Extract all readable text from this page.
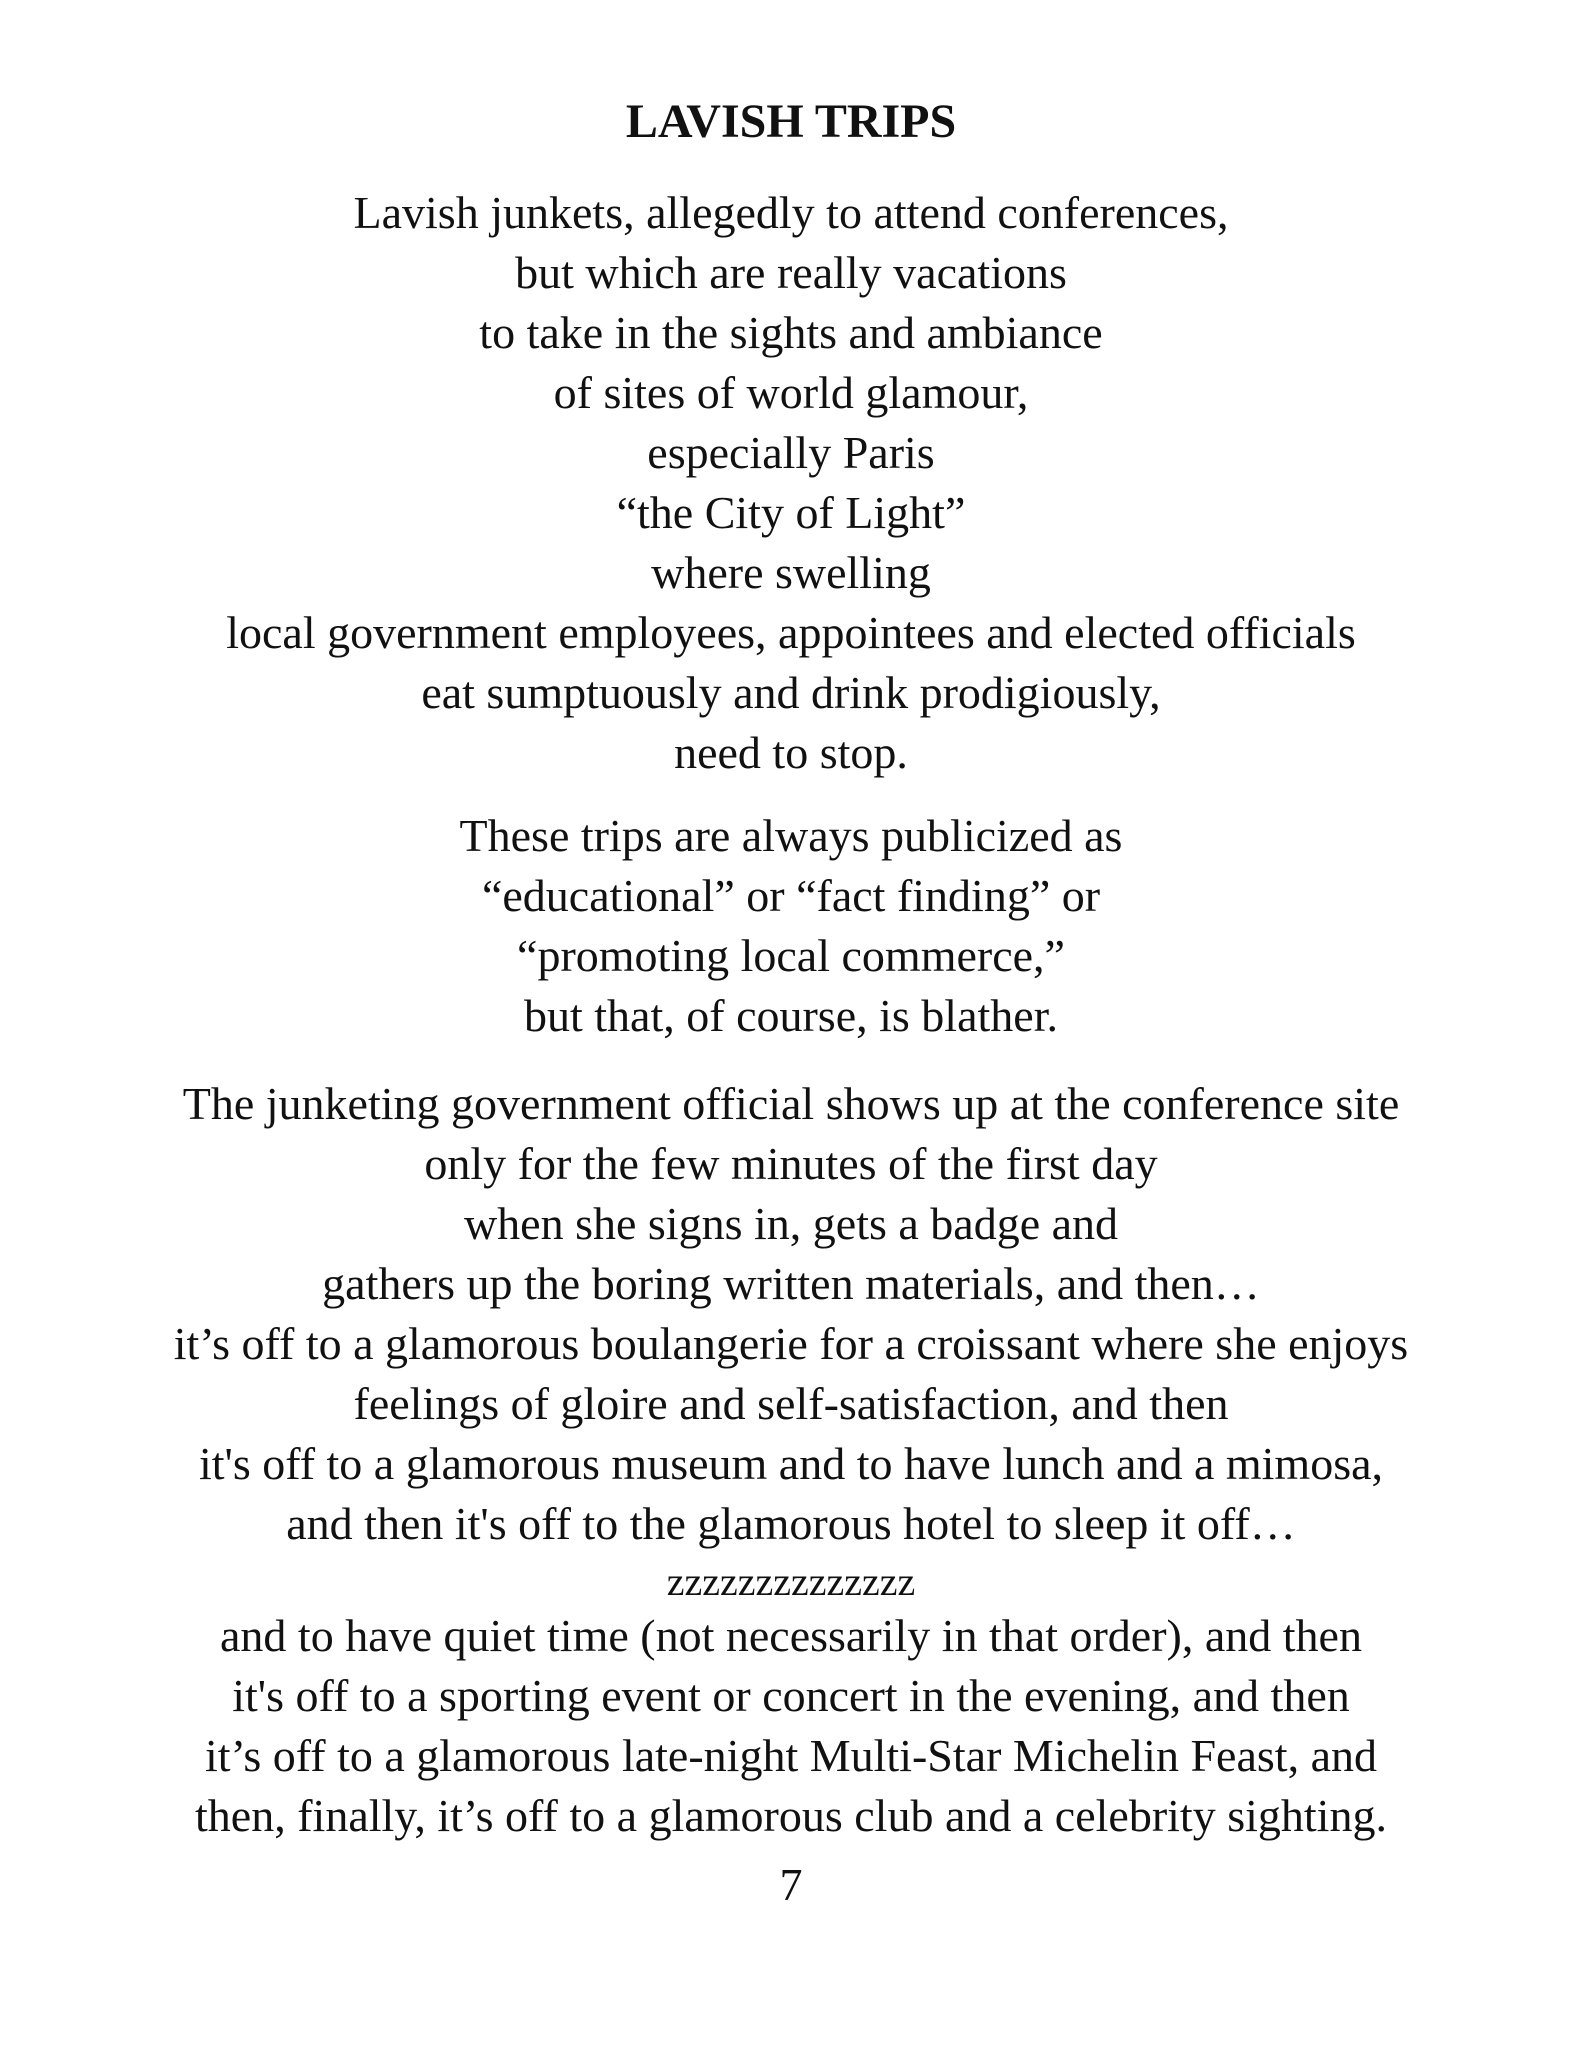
LAVISH TRIPS
Lavish junkets, allegedly to attend conferences,
but which are really vacations
to take in the sights and ambiance
of sites of world glamour,
especially Paris
“the City of Light”
where swelling
local government employees, appointees and elected officials
eat sumptuously and drink prodigiously,
need to stop.
These trips are always publicized as
“educational” or “fact finding” or
“promoting local commerce,”
but that, of course, is blather.
The junketing government official shows up at the conference site
only for the few minutes of the first day
when she signs in, gets a badge and
gathers up the boring written materials, and then…
it’s off to a glamorous boulangerie for a croissant where she enjoys
feelings of gloire and self-satisfaction, and then
it's off to a glamorous museum and to have lunch and a mimosa,
and then it's off to the glamorous hotel to sleep it off…
zzzzzzzzzzzzzz
and to have quiet time (not necessarily in that order), and then
it's off to a sporting event or concert in the evening, and then
it’s off to a glamorous late-night Multi-Star Michelin Feast, and
then, finally, it’s off to a glamorous club and a celebrity sighting.
7
